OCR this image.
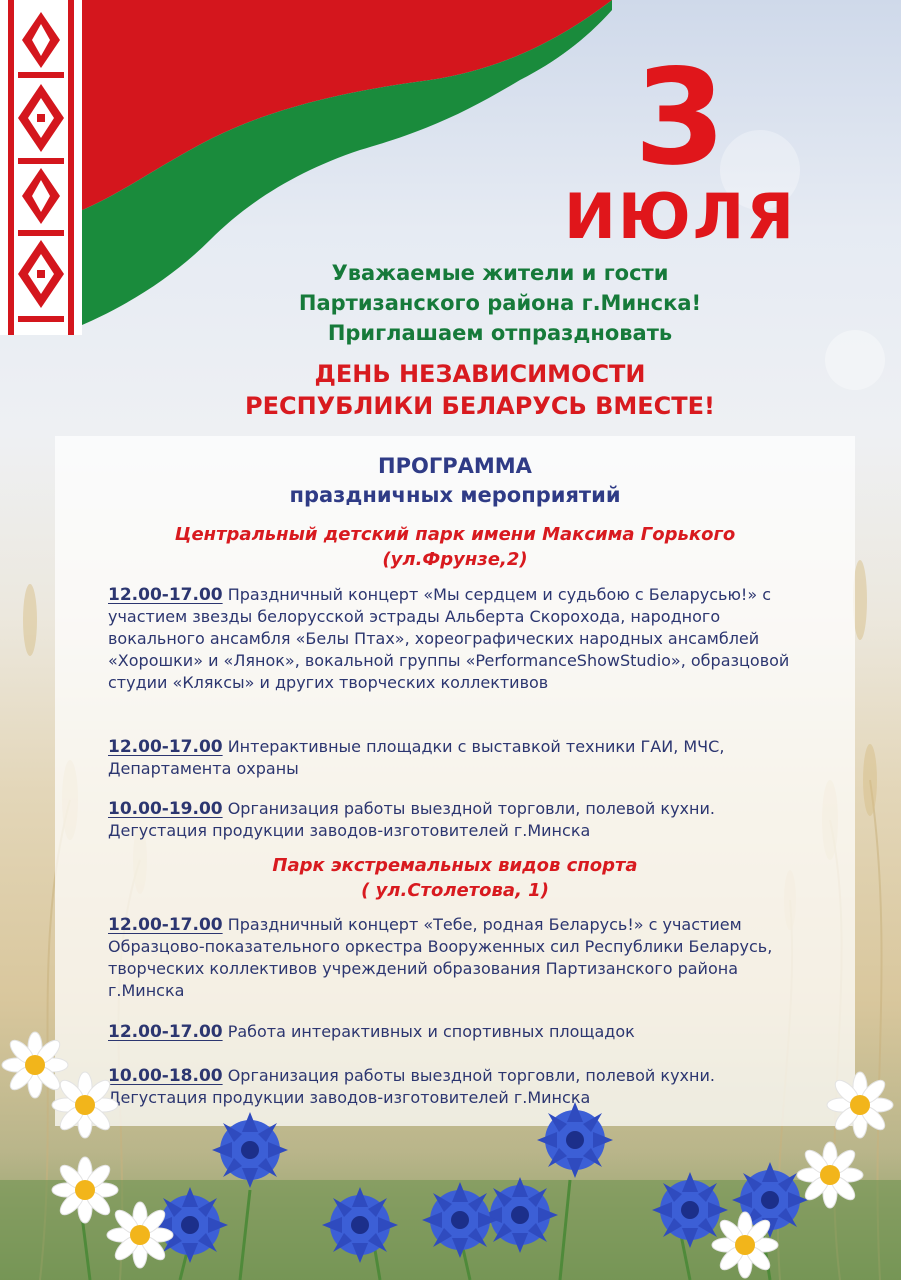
3
ИЮЛЯ
Уважаемые жители и гости
Партизанского района г.Минска!
Приглашаем отпраздновать
ДЕНЬ НЕЗАВИСИМОСТИ
РЕСПУБЛИКИ БЕЛАРУСЬ ВМЕСТЕ!
ПРОГРАММА
праздничных мероприятий
Центральный детский парк имени Максима Горького
(ул.Фрунзе,2)
12.00-17.00 Праздничный концерт «Мы сердцем и судьбою с Беларусью!» с участием звезды белорусской эстрады Альберта Скорохода, народного вокального ансамбля «Белы Птах», хореографических народных ансамблей «Хорошки» и «Лянок», вокальной группы «PerformanceShowStudio», образцовой студии «Кляксы» и других творческих коллективов
12.00-17.00 Интерактивные площадки с выставкой техники ГАИ, МЧС, Департамента охраны
10.00-19.00 Организация работы выездной торговли, полевой кухни. Дегустация продукции заводов-изготовителей г.Минска
Парк экстремальных видов спорта
( ул.Столетова, 1)
12.00-17.00 Праздничный концерт «Тебе, родная Беларусь!» с участием Образцово-показательного оркестра Вооруженных сил Республики Беларусь, творческих коллективов учреждений образования Партизанского района г.Минска
12.00-17.00 Работа интерактивных и спортивных площадок
10.00-18.00 Организация работы выездной торговли, полевой кухни. Дегустация продукции заводов-изготовителей г.Минска
